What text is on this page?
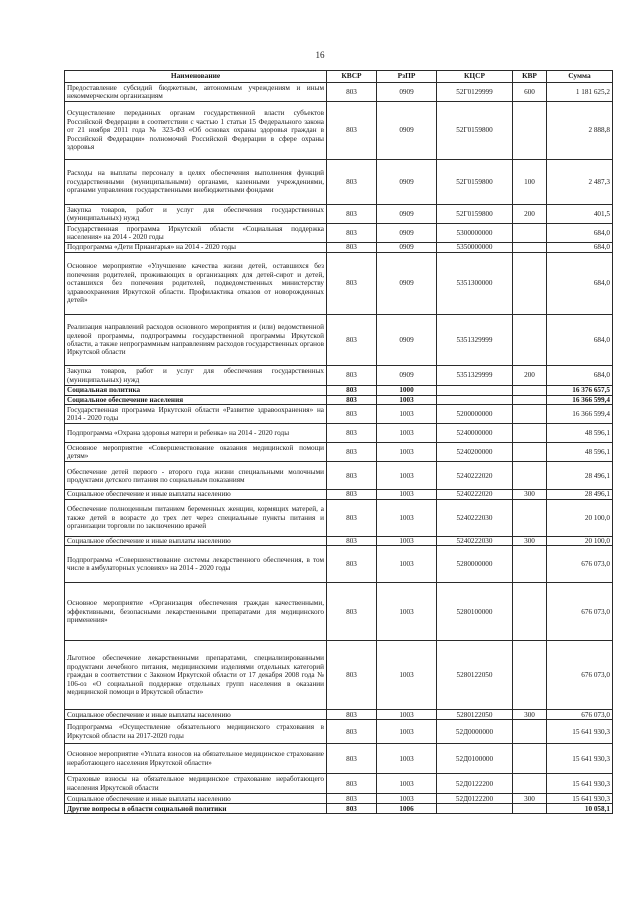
16
Наименование	КВСР	РзПР	КЦСР	КВР	Сумма
Предоставление субсидий бюджетным, автономным учреждениям и иным некоммерческим организациям	803	0909	52Г0129999	600	1 181 625,2
Осуществление переданных органам государственной власти субъектов Российской Федерации в соответствии с частью 1 статьи 15 Федерального закона от 21 ноября 2011 года № 323-ФЗ «Об основах охраны здоровья граждан в Российской Федерации» полномочий Российской Федерации в сфере охраны здоровья	803	0909	52Г0159800		2 888,8
Расходы на выплаты персоналу в целях обеспечения выполнения функций государственными (муниципальными) органами, казенными учреждениями, органами управления государственными внебюджетными фондами	803	0909	52Г0159800	100	2 487,3
Закупка товаров, работ и услуг для обеспечения государственных (муниципальных) нужд	803	0909	52Г0159800	200	401,5
Государственная программа Иркутской области «Социальная поддержка населения» на 2014 - 2020 годы	803	0909	5300000000		684,0
Подпрограмма «Дети Приангарья» на 2014 - 2020 годы	803	0909	5350000000		684,0
Основное мероприятие «Улучшение качества жизни детей, оставшихся без попечения родителей, проживающих в организациях для детей-сирот и детей, оставшихся без попечения родителей, подведомственных министерству здравоохранения Иркутской области. Профилактика отказов от новорожденных детей»	803	0909	5351300000		684,0
Реализация направлений расходов основного мероприятия и (или) ведомственной целевой программы, подпрограммы государственной программы Иркутской области, а также непрограммным направлениям расходов государственных органов Иркутской области	803	0909	5351329999		684,0
Закупка товаров, работ и услуг для обеспечения государственных (муниципальных) нужд	803	0909	5351329999	200	684,0
Социальная политика	803	1000			16 376 657,5
Социальное обеспечение населения	803	1003			16 366 599,4
Государственная программа Иркутской области «Развитие здравоохранения» на 2014 - 2020 годы	803	1003	5200000000		16 366 599,4
Подпрограмма «Охрана здоровья матери и ребенка» на 2014 - 2020 годы	803	1003	5240000000		48 596,1
Основное мероприятие «Совершенствование оказания медицинской помощи детям»	803	1003	5240200000		48 596,1
Обеспечение детей первого - второго года жизни специальными молочными продуктами детского питания по социальным показаниям	803	1003	5240222020		28 496,1
Социальное обеспечение и иные выплаты населению	803	1003	5240222020	300	28 496,1
Обеспечение полноценным питанием беременных женщин, кормящих матерей, а также детей в возрасте до трех лет через специальные пункты питания и организации торговли по заключению врачей	803	1003	5240222030		20 100,0
Социальное обеспечение и иные выплаты населению	803	1003	5240222030	300	20 100,0
Подпрограмма «Совершенствование системы лекарственного обеспечения, в том числе в амбулаторных условиях» на 2014 - 2020 годы	803	1003	5280000000		676 073,0
Основное мероприятие «Организация обеспечения граждан качественными, эффективными, безопасными лекарственными препаратами для медицинского применения»	803	1003	5280100000		676 073,0
Льготное обеспечение лекарственными препаратами, специализированными продуктами лечебного питания, медицинскими изделиями отдельных категорий граждан в соответствии с Законом Иркутской области от 17 декабря 2008 года № 106-оз «О социальной поддержке отдельных групп населения в оказании медицинской помощи в Иркутской области»	803	1003	5280122050		676 073,0
Социальное обеспечение и иные выплаты населению	803	1003	5280122050	300	676 073,0
Подпрограмма «Осуществление обязательного медицинского страхования в Иркутской области на 2017-2020 годы	803	1003	52Д0000000		15 641 930,3
Основное мероприятие «Уплата взносов на обязательное медицинское страхование неработающего населения Иркутской области»	803	1003	52Д0100000		15 641 930,3
Страховые взносы на обязательное медицинское страхование неработающего населения Иркутской области	803	1003	52Д0122200		15 641 930,3
Социальное обеспечение и иные выплаты населению	803	1003	52Д0122200	300	15 641 930,3
Другие вопросы в области социальной политики	803	1006			10 058,1
